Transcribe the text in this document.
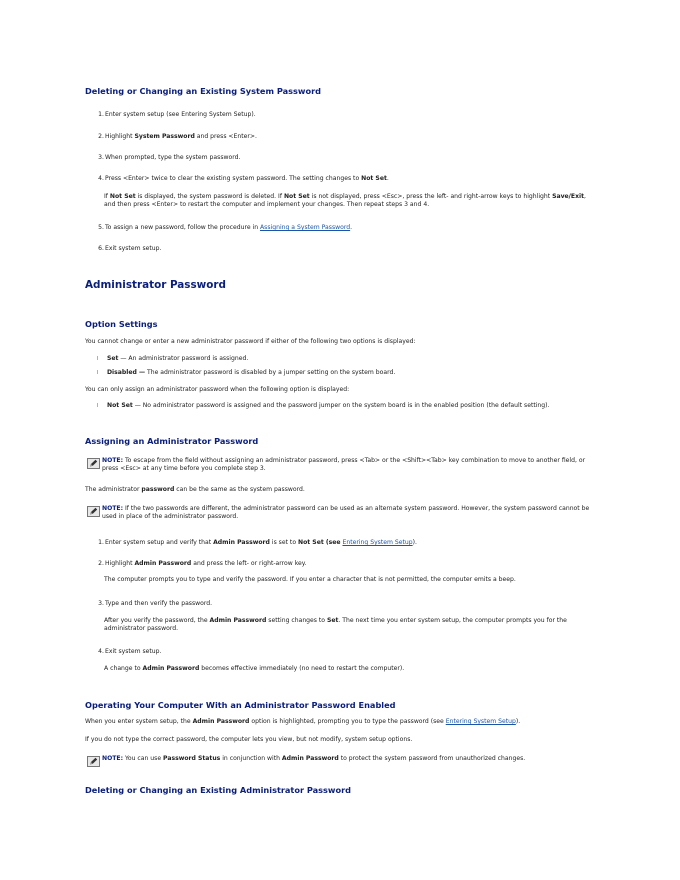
Deleting or Changing an Existing System Password
1. Enter system setup (see Entering System Setup).
2. Highlight System Password and press <Enter>.
3. When prompted, type the system password.
4. Press <Enter> twice to clear the existing system password. The setting changes to Not Set.
If Not Set is displayed, the system password is deleted. If Not Set is not displayed, press <Esc>, press the left- and right-arrow keys to highlight Save/Exit, and then press <Enter> to restart the computer and implement your changes. Then repeat steps 3 and 4.
5. To assign a new password, follow the procedure in Assigning a System Password.
6. Exit system setup.
Administrator Password
Option Settings
You cannot change or enter a new administrator password if either of the following two options is displayed:
l Set — An administrator password is assigned.
l Disabled — The administrator password is disabled by a jumper setting on the system board.
You can only assign an administrator password when the following option is displayed:
l Not Set — No administrator password is assigned and the password jumper on the system board is in the enabled position (the default setting).
Assigning an Administrator Password
NOTE: To escape from the field without assigning an administrator password, press <Tab> or the <Shift><Tab> key combination to move to another field, or press <Esc> at any time before you complete step 3.
The administrator password can be the same as the system password.
NOTE: If the two passwords are different, the administrator password can be used as an alternate system password. However, the system password cannot be used in place of the administrator password.
1. Enter system setup and verify that Admin Password is set to Not Set (see Entering System Setup).
2. Highlight Admin Password and press the left- or right-arrow key.
The computer prompts you to type and verify the password. If you enter a character that is not permitted, the computer emits a beep.
3. Type and then verify the password.
After you verify the password, the Admin Password setting changes to Set. The next time you enter system setup, the computer prompts you for the administrator password.
4. Exit system setup.
A change to Admin Password becomes effective immediately (no need to restart the computer).
Operating Your Computer With an Administrator Password Enabled
When you enter system setup, the Admin Password option is highlighted, prompting you to type the password (see Entering System Setup).
If you do not type the correct password, the computer lets you view, but not modify, system setup options.
NOTE: You can use Password Status in conjunction with Admin Password to protect the system password from unauthorized changes.
Deleting or Changing an Existing Administrator Password
